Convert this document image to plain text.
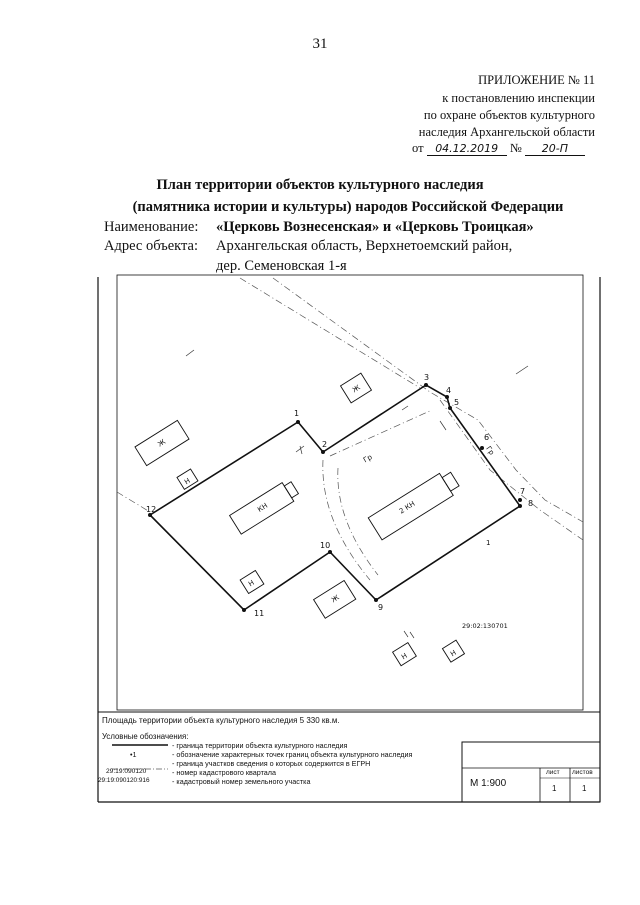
31
ПРИЛОЖЕНИЕ № 11
к постановлению инспекции
по охране объектов культурного
наследия Архангельской области
от 04.12.2019 № 20-П
План территории объектов культурного наследия
(памятника истории и культуры) народов Российской Федерации
Наименование: «Церковь Вознесенская» и «Церковь Троицкая»
Адрес объекта: Архангельская область, Верхнетоемский район,
дер. Семеновская 1-я
1
2
3
4
5
6
7
8
9
10
11
12
Ж
Ж
КН	2 КН
Н
Н
Ж
Н	Н
Гр
Гр
1
29:02:130701
Площадь территории объекта культурного наследия 5 330 кв.м.
Условные обозначения:
- граница территории объекта культурного наследия
•1	- обозначение характерных точек границ объекта культурного наследия
- граница участков сведения о которых содержится в ЕГРН
29:19:090120	- номер кадастрового квартала
29:19:090120:916	- кадастровый номер земельного участка	М 1:900
лист листов
1	1
